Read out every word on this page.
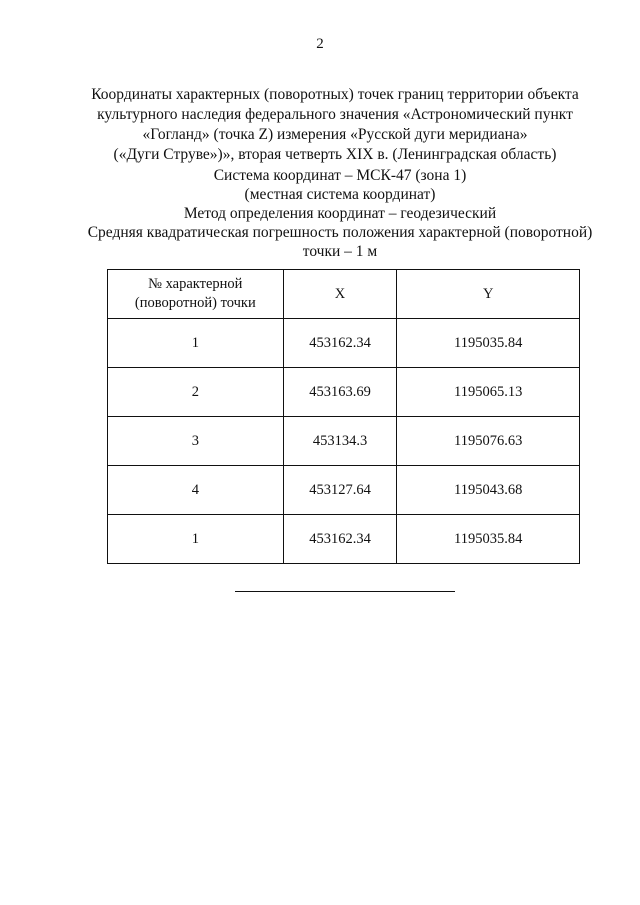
2
Координаты характерных (поворотных) точек границ территории объекта
культурного наследия федерального значения «Астрономический пункт
«Гогланд» (точка Z) измерения «Русской дуги меридиана»
(«Дуги Струве»)», вторая четверть XIX в. (Ленинградская область)
Система координат – МСК-47 (зона 1)
(местная система координат)
Метод определения координат – геодезический
Средняя квадратическая погрешность положения характерной (поворотной)
точки – 1 м
№ характерной
(поворотной) точки	X	Y
1	453162.34	1195035.84
2	453163.69	1195065.13
3	453134.3	1195076.63
4	453127.64	1195043.68
1	453162.34	1195035.84
